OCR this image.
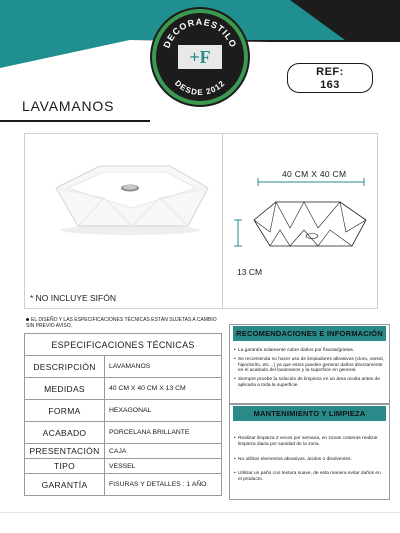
DECORAESTILO
DESDE 2012
+F
REF:
163
LAVAMANOS
* NO INCLUYE SIFÓN
40 CM X 40 CM
13 CM
EL DISEÑO Y LAS ESPECIFICACIONES TÉCNICAS ESTÁN SUJETAS A CAMBIO SIN PREVIO AVISO.
ESPECIFICACIONES TÉCNICAS	
DESCRIPCIÓN	LAVAMANOS
MEDIDAS	40 CM X 40 CM X 13 CM
FORMA	HEXAGONAL
ACABADO	PORCELANA BRILLANTE
PRESENTACIÓN	CAJA
TIPO	VESSEL
GARANTÍA	FISURAS Y DETALLES : 1 AÑO
RECOMENDACIONES E INFORMACIÓN
• La garantía solamente cubre daños por fisuras/grietas.
• Se recomienda no hacer uso de limpiadores abrasivos (cloro, varsol, hipoclorito, etc…) ya que estos pueden generar daños directamente en el acabado del lavamanos y la superficie en general.
• Siempre pruebe la solución de limpieza en un área oculta antes de aplicarla a toda la superficie.
MANTENIMIENTO Y LIMPIEZA
• Realizar limpieza 2 veces por semana, en zonas costeras realizar limpieza diaria por sanidad de la zona.
• No utilizar elementos abrasivos, ácidos o disolventes.
• Utilizar un paño con textura suave, de esta manera evitar daños en el producto.
